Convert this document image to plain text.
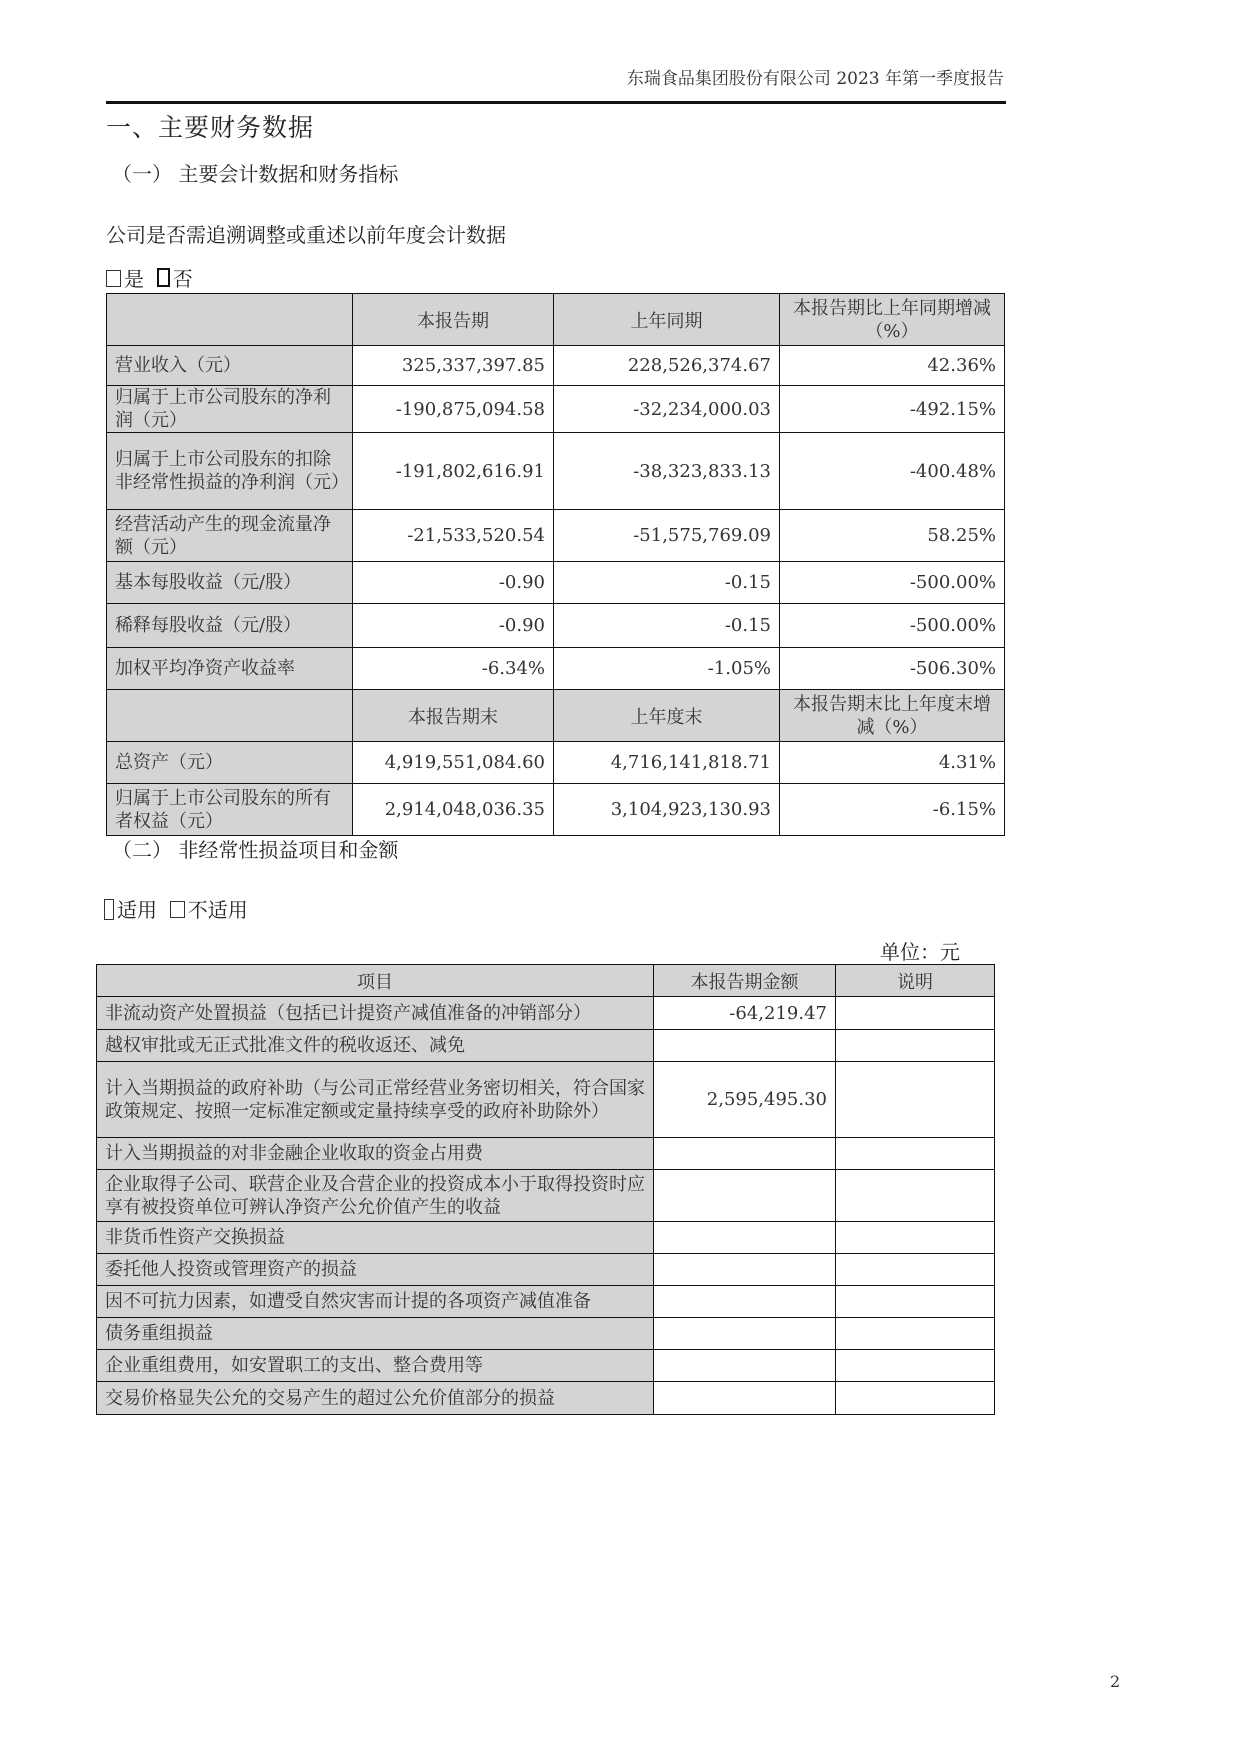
东瑞食品集团股份有限公司 2023 年第一季度报告
一、主要财务数据
（一） 主要会计数据和财务指标
公司是否需追溯调整或重述以前年度会计数据
是 否
	本报告期	上年同期	本报告期比上年同期增减（%）
营业收入（元）	325,337,397.85	228,526,374.67	42.36%
归属于上市公司股东的净利润（元）	-190,875,094.58	-32,234,000.03	-492.15%
归属于上市公司股东的扣除非经常性损益的净利润（元）	-191,802,616.91	-38,323,833.13	-400.48%
经营活动产生的现金流量净额（元）	-21,533,520.54	-51,575,769.09	58.25%
基本每股收益（元/股）	-0.90	-0.15	-500.00%
稀释每股收益（元/股）	-0.90	-0.15	-500.00%
加权平均净资产收益率	-6.34%	-1.05%	-506.30%
	本报告期末	上年度末	本报告期末比上年度末增减（%）
总资产（元）	4,919,551,084.60	4,716,141,818.71	4.31%
归属于上市公司股东的所有者权益（元）	2,914,048,036.35	3,104,923,130.93	-6.15%
（二） 非经常性损益项目和金额
适用 不适用
单位：元
项目	本报告期金额	说明
非流动资产处置损益（包括已计提资产减值准备的冲销部分）	-64,219.47	
越权审批或无正式批准文件的税收返还、减免		
计入当期损益的政府补助（与公司正常经营业务密切相关，符合国家政策规定、按照一定标准定额或定量持续享受的政府补助除外）	2,595,495.30	
计入当期损益的对非金融企业收取的资金占用费		
企业取得子公司、联营企业及合营企业的投资成本小于取得投资时应享有被投资单位可辨认净资产公允价值产生的收益		
非货币性资产交换损益		
委托他人投资或管理资产的损益		
因不可抗力因素，如遭受自然灾害而计提的各项资产减值准备		
债务重组损益		
企业重组费用，如安置职工的支出、整合费用等		
交易价格显失公允的交易产生的超过公允价值部分的损益		
2
